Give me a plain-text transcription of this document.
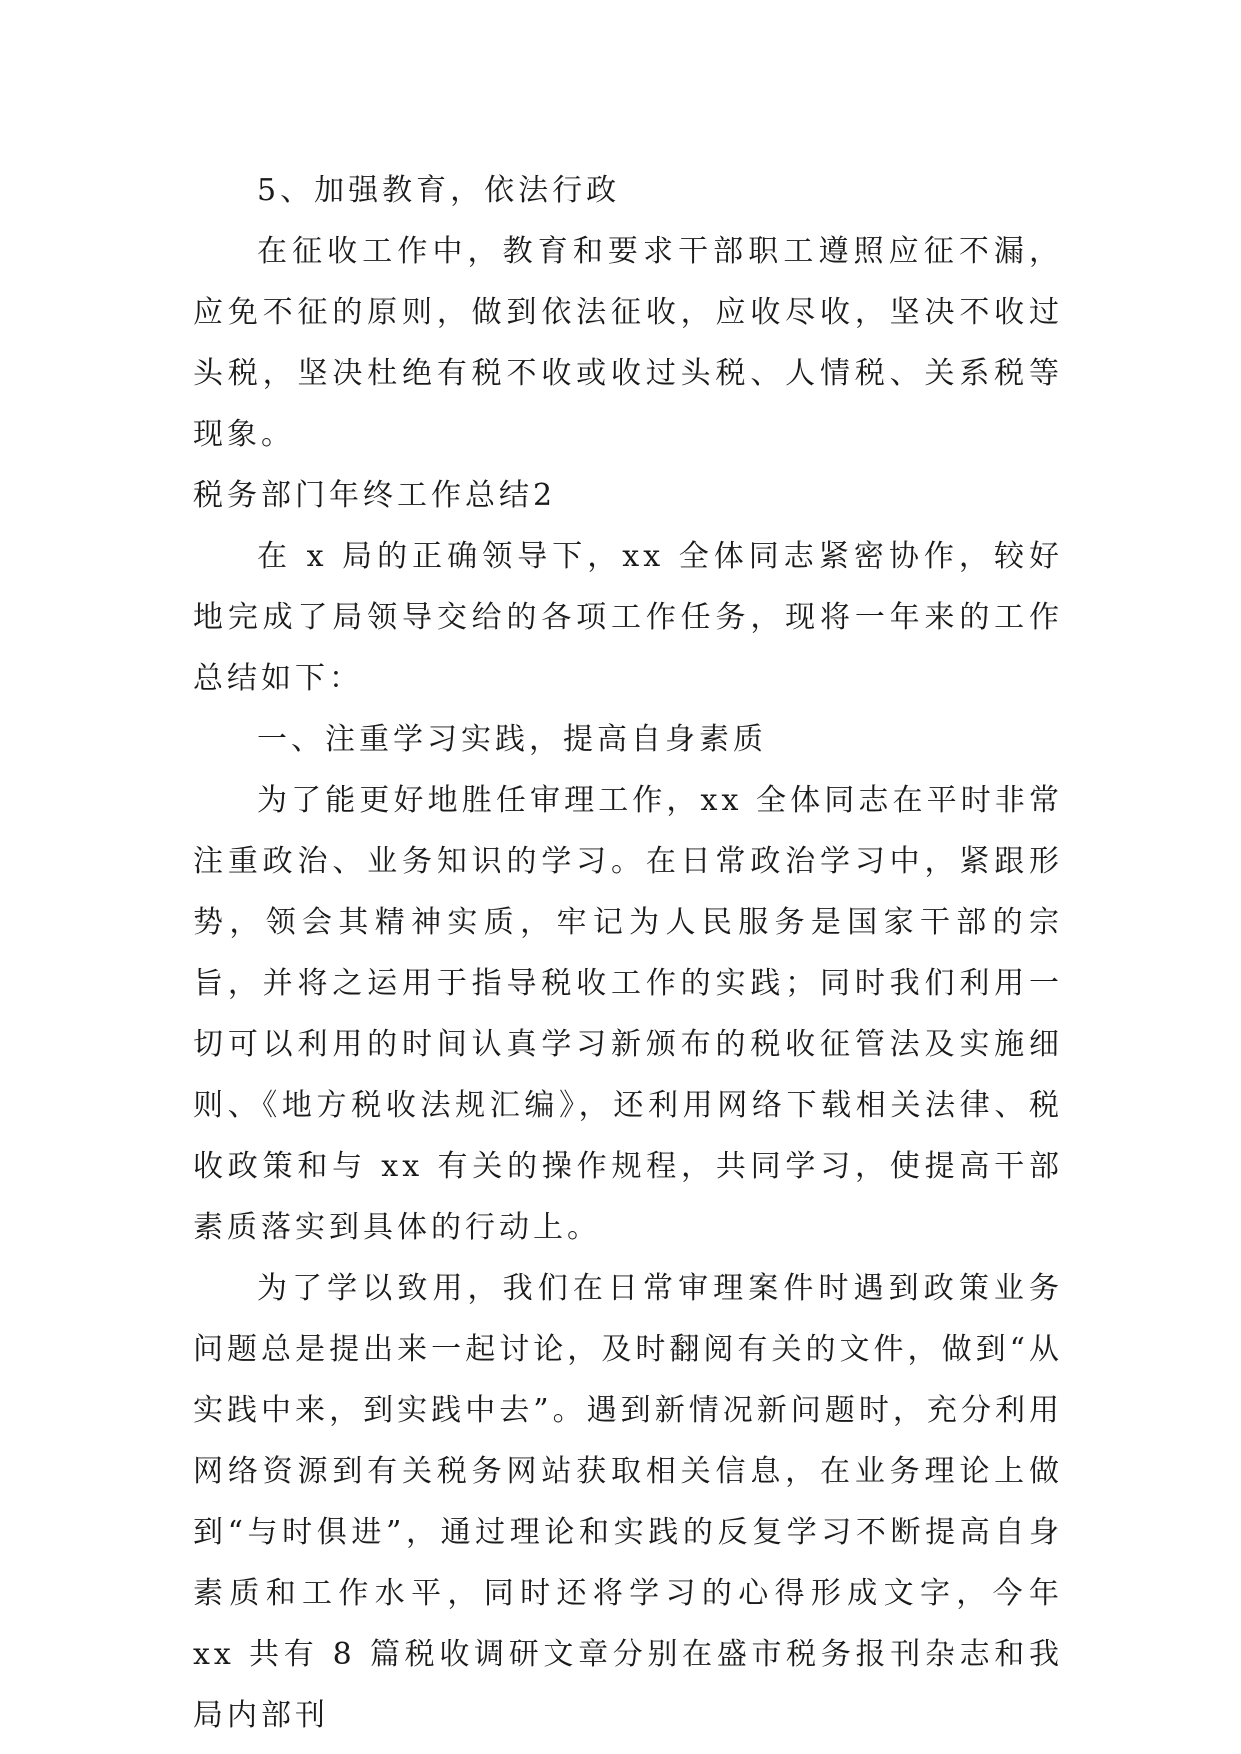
5、加强教育，依法行政

在征收工作中，教育和要求干部职工遵照应征不漏，应免不征的原则，做到依法征收，应收尽收，坚决不收过头税，坚决杜绝有税不收或收过头税、人情税、关系税等现象。

税务部门年终工作总结2

在 x 局的正确领导下，xx 全体同志紧密协作，较好地完成了局领导交给的各项工作任务，现将一年来的工作总结如下：

一、注重学习实践，提高自身素质

为了能更好地胜任审理工作，xx 全体同志在平时非常注重政治、业务知识的学习。在日常政治学习中，紧跟形势，领会其精神实质，牢记为人民服务是国家干部的宗旨，并将之运用于指导税收工作的实践；同时我们利用一切可以利用的时间认真学习新颁布的税收征管法及实施细则、《地方税收法规汇编》，还利用网络下载相关法律、税收政策和与 xx 有关的操作规程，共同学习，使提高干部素质落实到具体的行动上。

为了学以致用，我们在日常审理案件时遇到政策业务问题总是提出来一起讨论，及时翻阅有关的文件，做到“从实践中来，到实践中去”。遇到新情况新问题时，充分利用网络资源到有关税务网站获取相关信息，在业务理论上做到“与时俱进”，通过理论和实践的反复学习不断提高自身素质和工作水平，同时还将学习的心得形成文字，今年 xx 共有 8 篇税收调研文章分别在盛市税务报刊杂志和我局内部刊
